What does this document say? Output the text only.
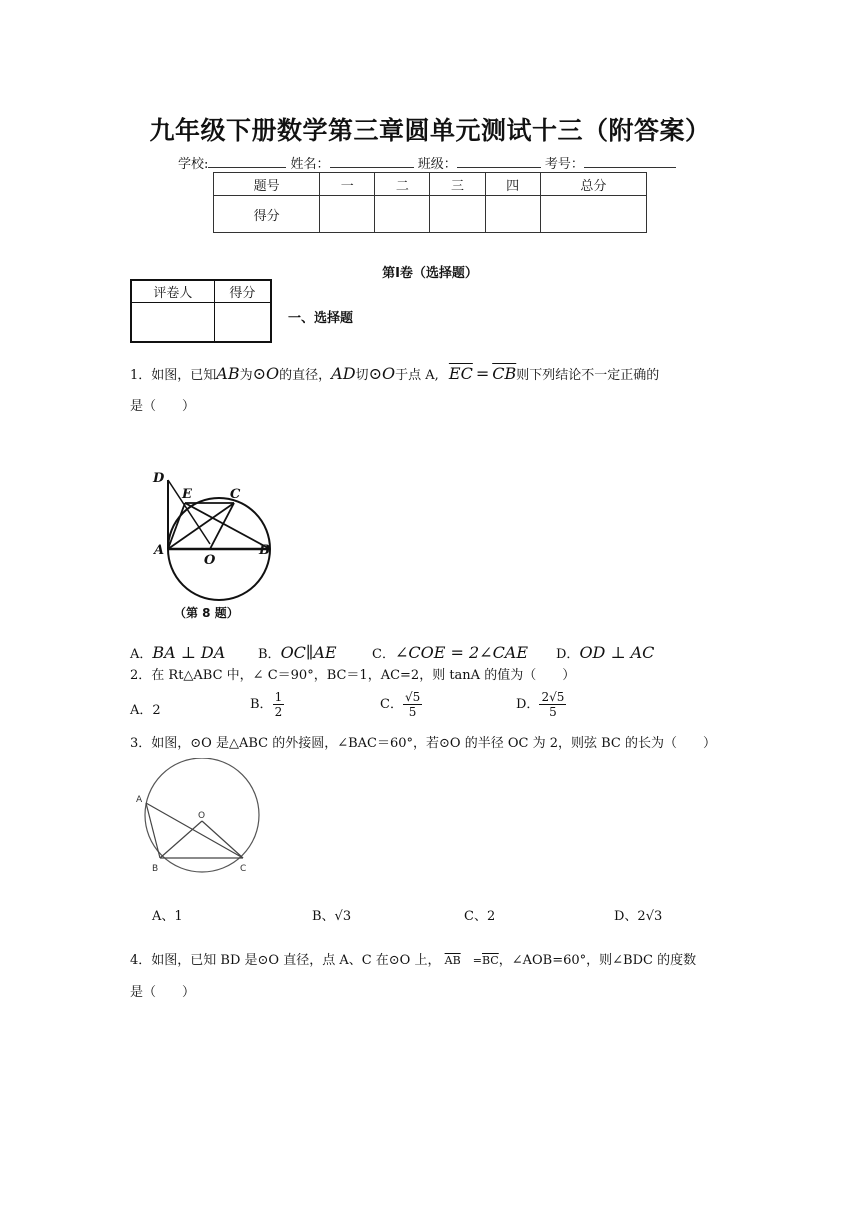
九年级下册数学第三章圆单元测试十三（附答案）
学校:	姓名：	班级：	考号：
题号	一	二	三	四	总分
得分					
第Ⅰ卷（选择题）
评卷人	得分

一、选择题
1．如图，已知AB为⊙O的直径，AD切⊙O于点 A, $\overline{EC} = \overline{CB}$则下列结论不一定正确的
是（　　）
D
E	C
A
O
B
（第 8 题）
A．BA ⊥ DA	B．OC∥AE	C．∠COE = 2∠CAE D．OD ⊥ AC
2．在 Rt△ABC 中，∠ C＝90°，BC＝1，AC=2，则 tanA 的值为（　　）
A．2	B． $\frac{1}{2}$	C． $\frac{√5}{5}$	D． $\frac{2√5}{5}$
3．如图，⊙O 是△ABC 的外接圆，∠BAC＝60°，若⊙O 的半径 OC 为 2，则弦 BC 的长为（　　）
A
O
B	C
A、1	B、√3	C、2	D、2√3
4．如图，已知 BD 是⊙O 直径，点 A、C 在⊙O 上， $\overline{AB} =\overline{BC}$，∠AOB=60°，则∠BDC 的度数
是（　　）
